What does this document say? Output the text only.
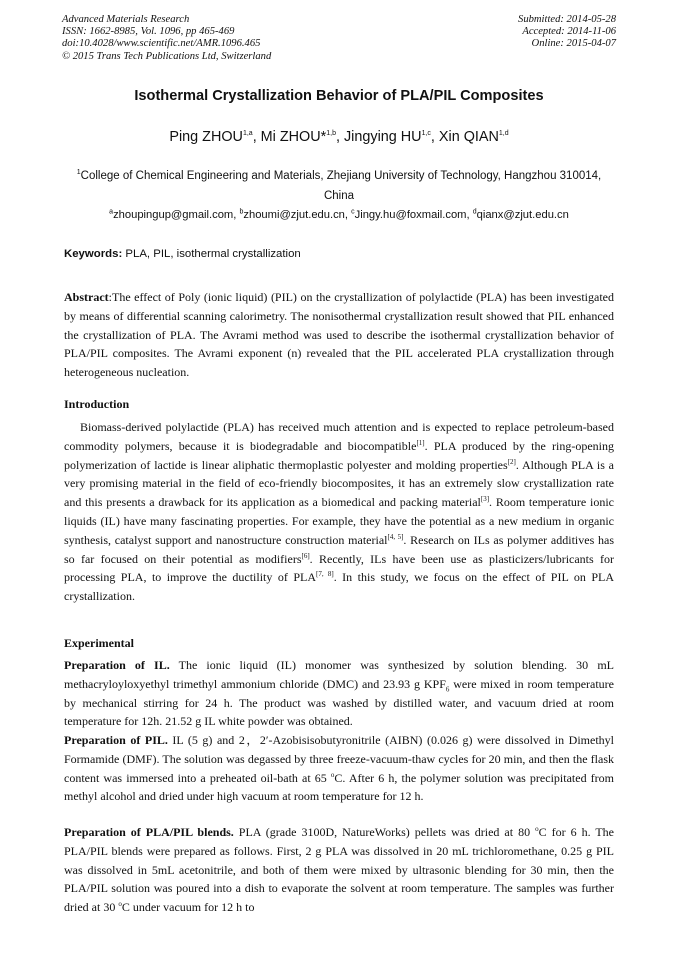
Advanced Materials Research
ISSN: 1662-8985, Vol. 1096, pp 465-469
doi:10.4028/www.scientific.net/AMR.1096.465
© 2015 Trans Tech Publications Ltd, Switzerland
Submitted: 2014-05-28
Accepted: 2014-11-06
Online: 2015-04-07
Isothermal Crystallization Behavior of PLA/PIL Composites
Ping ZHOU$^{1,a}$, Mi ZHOU*$^{1,b}$, Jingying HU$^{1,c}$, Xin QIAN$^{1,d}$
$^1$College of Chemical Engineering and Materials, Zhejiang University of Technology, Hangzhou 310014, China
$^a$zhoupingup@gmail.com, $^b$zhoumi@zjut.edu.cn, $^c$Jingy.hu@foxmail.com, $^d$qianx@zjut.edu.cn
Keywords: PLA, PIL, isothermal crystallization
Abstract:The effect of Poly (ionic liquid) (PIL) on the crystallization of polylactide (PLA) has been investigated by means of differential scanning calorimetry. The nonisothermal crystallization result showed that PIL enhanced the crystallization of PLA. The Avrami method was used to describe the isothermal crystallization behavior of PLA/PIL composites. The Avrami exponent (n) revealed that the PIL accelerated PLA crystallization through heterogeneous nucleation.
Introduction
Biomass-derived polylactide (PLA) has received much attention and is expected to replace petroleum-based commodity polymers, because it is biodegradable and biocompatible[1]. PLA produced by the ring-opening polymerization of lactide is linear aliphatic thermoplastic polyester and molding properties[2]. Although PLA is a very promising material in the field of eco-friendly biocomposites, it has an extremely slow crystallization rate and this presents a drawback for its application as a biomedical and packing material[3]. Room temperature ionic liquids (IL) have many fascinating properties. For example, they have the potential as a new medium in organic synthesis, catalyst support and nanostructure construction material[4, 5]. Research on ILs as polymer additives has so far focused on their potential as modifiers[6]. Recently, ILs have been use as plasticizers/lubricants for processing PLA, to improve the ductility of PLA[7, 8]. In this study, we focus on the effect of PIL on PLA crystallization.
Experimental
Preparation of IL. The ionic liquid (IL) monomer was synthesized by solution blending. 30 mL methacryloyloxyethyl trimethyl ammonium chloride (DMC) and 23.93 g $KPF_6$ were mixed in room temperature by mechanical stirring for 24 h. The product was washed by distilled water, and vacuum dried at room temperature for 12h. 21.52 g IL white powder was obtained.
Preparation of PIL. IL (5 g) and 2，2′-Azobisisobutyronitrile (AIBN) (0.026 g) were dissolved in Dimethyl Formamide (DMF). The solution was degassed by three freeze-vacuum-thaw cycles for 20 min, and then the flask content was immersed into a preheated oil-bath at 65 $^o$C. After 6 h, the polymer solution was precipitated from methyl alcohol and dried under high vacuum at room temperature for 12 h.
Preparation of PLA/PIL blends. PLA (grade 3100D, NatureWorks) pellets was dried at 80 $^o$C for 6 h. The PLA/PIL blends were prepared as follows. First, 2 g PLA was dissolved in 20 mL trichloromethane, 0.25 g PIL was dissolved in 5mL acetonitrile, and both of them were mixed by ultrasonic blending for 30 min, then the PLA/PIL solution was poured into a dish to evaporate the solvent at room temperature. The samples was further dried at 30 $^o$C under vacuum for 12 h to
